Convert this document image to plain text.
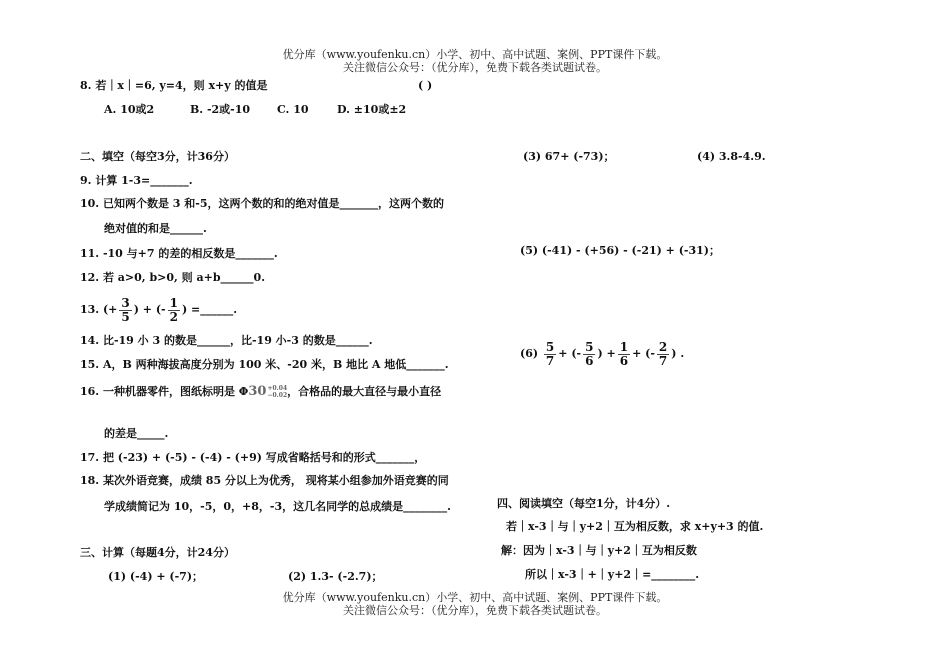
优分库（www.youfenku.cn）小学、初中、高中试题、案例、PPT课件下载。
关注微信公众号：（优分库），免费下载各类试题试卷。
8. 若｜x｜=6, y=4，则 x+y 的值是	( )
A. 10或2	B. -2或-10 C. 10	D. ±10或±2
二、填空（每空3分，计36分）
9. 计算 1-3=_______.
10. 已知两个数是 3 和-5，这两个数的和的绝对值是_______，这两个数的
绝对值的和是______.
11. -10 与+7 的差的相反数是_______.
12. 若 a>0, b>0, 则 a+b______0.
13. (+ $\frac{3}{5}$ ) + (- $\frac{1}{2}$ ) =______.
14. 比-19 小 3 的数是______，比-19 小-3 的数是______.
15. A，B 两种海拔高度分别为 100 米、-20 米，B 地比 A 地低_______.
16. 一种机器零件，图纸标明是 Φ30 +0.04
−0.02 ，合格品的最大直径与最小直径
的差是_____.
17. 把 (-23) + (-5) - (-4) - (+9) 写成省略括号和的形式_______，
18. 某次外语竞赛，成绩 85 分以上为优秀， 现将某小组参加外语竞赛的同
学成绩简记为 10，-5，0，+8，-3，这几名同学的总成绩是________.
三、计算（每题4分，计24分）
(1) (-4) + (-7)；	(2) 1.3- (-2.7)；
(3) 67+ (-73)；	(4) 3.8-4.9.
(5) (-41) - (+56) - (-21) + (-31)；
$(6) \frac{5}{7}$ + (- $\frac{5}{6}$ ) + $\frac{1}{6}$ + (- $\frac{2}{7}$ ) .
四、阅读填空（每空1分，计4分）.
若｜x-3｜与｜y+2｜互为相反数，求 x+y+3 的值.
解：因为｜x-3｜与｜y+2｜互为相反数
所以｜x-3｜+｜y+2｜=________.
优分库（www.youfenku.cn）小学、初中、高中试题、案例、PPT课件下载。
关注微信公众号：（优分库），免费下载各类试题试卷。
